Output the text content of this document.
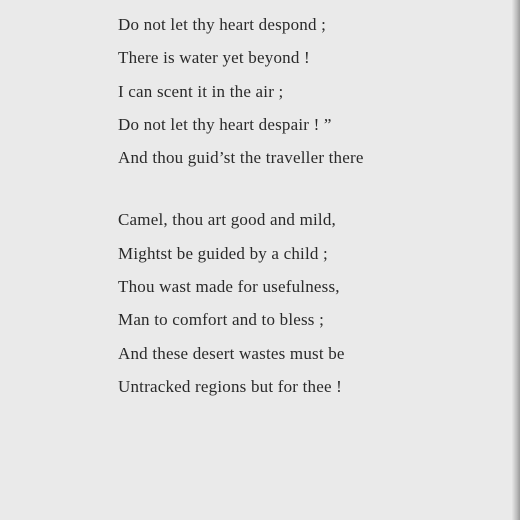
Do not let thy heart despond ;
There is water yet beyond !
I can scent it in the air ;
Do not let thy heart despair ! ”
And thou guid’st the traveller there
Camel, thou art good and mild,
Mightst be guided by a child ;
Thou wast made for usefulness,
Man to comfort and to bless ;
And these desert wastes must be
Untracked regions but for thee !
